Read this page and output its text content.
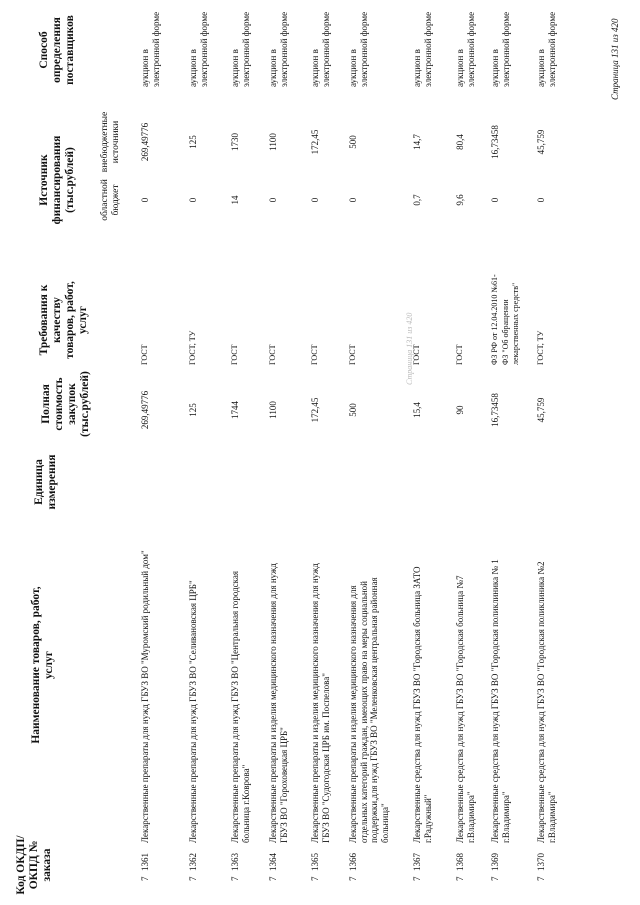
Код ОКДП/ ОКПД № заказа
Наименование товаров, работ, услуг
Единица измерения
Полная стоимость закупок (тыс.рублей)
Требования к качеству товаров, работ, услуг
Источник финансирования (тыс.рублей)	областной бюджет
внебюджетные источники
Способ определения поставщиков
7
1361
Лекарственные препараты для нужд ГБУЗ ВО "Муромский родильный дом"
269,49776
ГОСТ
0
269,49776
аукцион в электронной форме
7
1362
Лекарственные препараты для нужд ГБУЗ ВО "Селивановская ЦРБ"
125
ГОСТ, ТУ
0
125
аукцион в электронной форме
7
1363
Лекарственные препараты для нужд ГБУЗ ВО "Центральная городская больница г.Коврова"
1744
ГОСТ
14
1730
аукцион в электронной форме
7
1364
Лекарственные препараты и изделия медицинского назначения для нужд ГБУЗ ВО "Гороховецкая ЦРБ"
1100
ГОСТ
0
1100
аукцион в электронной форме
7
1365
Лекарственные препараты и изделия медицинского назначения для нужд ГБУЗ ВО "Судогодская ЦРБ им. Поспелова"
172,45
ГОСТ
0
172,45
аукцион в электронной форме
7
1366
Лекарственные препараты и изделия медицинского назначения для отдельных категорий граждан, имеющих право на меры социальной поддержки,для нужд ГБУЗ ВО "Меленковская центральная районная больница"
500
ГОСТ
0
500
аукцион в электронной форме
7
1367
Лекарственные средства для нужд ГБУЗ ВО "Городская больница ЗАТО г.Радужный"
15,4
ГОСТ
0,7
14,7
аукцион в электронной форме
7
1368
Лекарственные средства для нужд ГБУЗ ВО "Городская больница №7 г.Владимира"
90
ГОСТ
9,6
80,4
аукцион в электронной форме
7
1369
Лекарственные средства для нужд ГБУЗ ВО "Городская поликлиника № 1 г.Владимира"
16,73458
ФЗ РФ от 12.04.2010 №61-ФЗ "Об обращении лекарственных средств"
0
16,73458
аукцион в электронной форме
7
1370
Лекарственные средства для нужд ГБУЗ ВО "Городская поликлиника №2 г.Владимира"
45,759
ГОСТ, ТУ
0
45,759
аукцион в электронной форме
Страница 131 из 420
Страница 131 из 420
